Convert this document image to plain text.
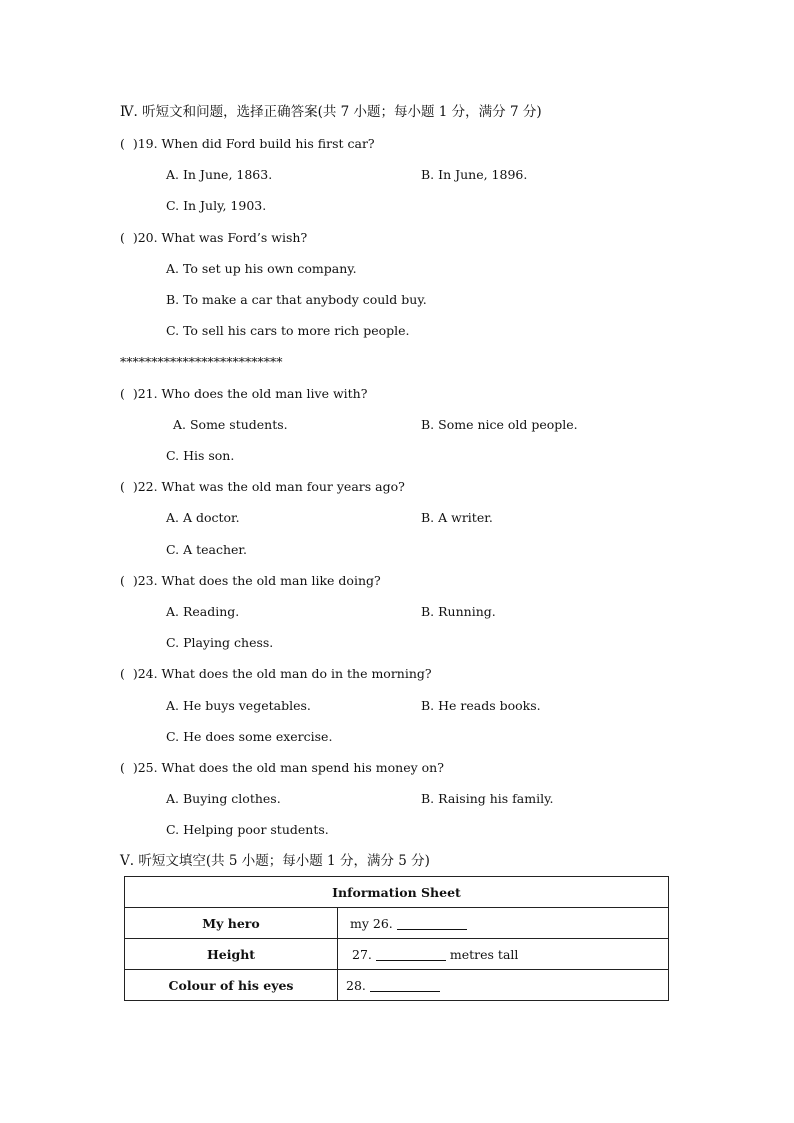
Ⅳ. 听短文和问题，选择正确答案(共 7 小题；每小题 1 分，满分 7 分)
(  )19. When did Ford build his first car?
A. In June, 1863.	B. In June, 1896.
C. In July, 1903.
(  )20. What was Ford’s wish?
A. To set up his own company.
B. To make a car that anybody could buy.
C. To sell his cars to more rich people.
**************************
(  )21. Who does the old man live with?
A. Some students.	B. Some nice old people.
C. His son.
(  )22. What was the old man four years ago?
A. A doctor.	B. A writer.
C. A teacher.
(  )23. What does the old man like doing?
A. Reading.	B. Running.
C. Playing chess.
(  )24. What does the old man do in the morning?
A. He buys vegetables.	B. He reads books.
C. He does some exercise.
(  )25. What does the old man spend his money on?
A. Buying clothes.	B. Raising his family.
C. Helping poor students.
Ⅴ. 听短文填空(共 5 小题；每小题 1 分，满分 5 分)
Information Sheet	
My hero	my 26.
Height	27. metres tall
Colour of his eyes	28.
